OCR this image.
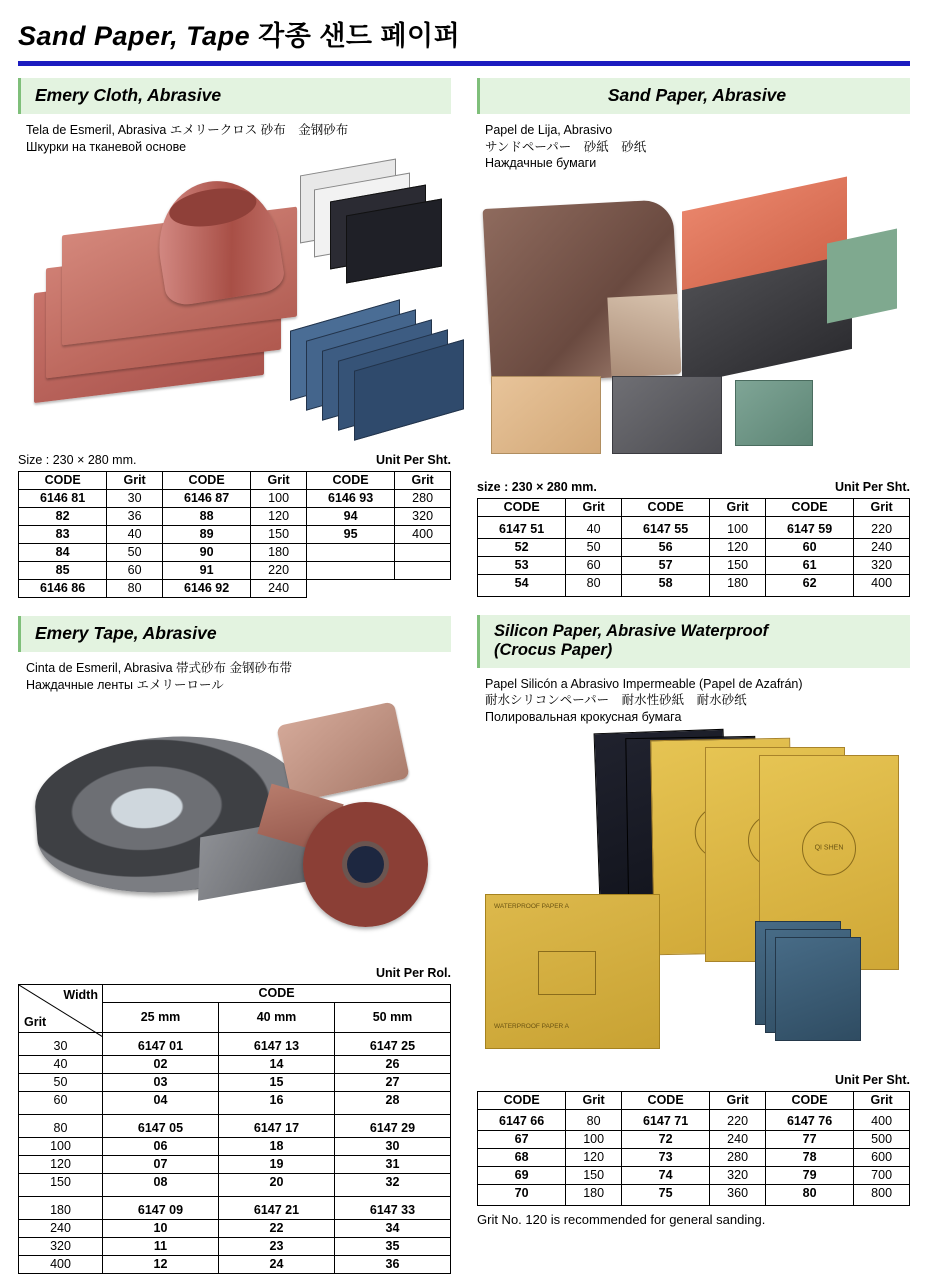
Sand Paper, Tape 각종 샌드 페이퍼
Emery Cloth, Abrasive
Tela de Esmeril, Abrasiva エメリークロス 砂布　金钢砂布
Шкурки на тканевой основе
Size : 230 × 280 mm.	Unit Per Sht.
CODE	Grit	CODE	Grit	CODE	Grit
6146 81	30	6146 87	100	6146 93	280
82	36	88	120	94	320
83	40	89	150	95	400
84	50	90	180		
85	60	91	220		
6146 86	80	6146 92	240		
Emery Tape, Abrasive
Cinta de Esmeril, Abrasiva 帯式砂布 金钢砂布带
Наждачные ленты エメリーロール
Unit Per Rol.
Width
Grit	CODE		
	25 mm	40 mm	50 mm
30	6147 01	6147 13	6147 25
40	02	14	26
50	03	15	27
60	04	16	28
80	6147 05	6147 17	6147 29
100	06	18	30
120	07	19	31
150	08	20	32
180	6147 09	6147 21	6147 33
240	10	22	34
320	11	23	35
400	12	24	36
Sand Paper, Abrasive
Papel de Lija, Abrasivo
サンドペーパー　砂紙　砂纸
Наждачные бумаги
size : 230 × 280 mm.	Unit Per Sht.
CODE	Grit	CODE	Grit	CODE	Grit
6147 51	40	6147 55	100	6147 59	220
52	50	56	120	60	240
53	60	57	150	61	320
54	80	58	180	62	400
Silicon Paper, Abrasive Waterproof
(Crocus Paper)
Papel Silicón a Abrasivo Impermeable (Papel de Azafrán)
耐水シリコンペーパー　耐水性砂紙　耐水砂纸
Полировальная крокусная бумага
QI SHEN
WATERPROOF PAPER A
WATERPROOF PAPER A
Unit Per Sht.
CODE	Grit	CODE	Grit	CODE	Grit
6147 66	80	6147 71	220	6147 76	400
67	100	72	240	77	500
68	120	73	280	78	600
69	150	74	320	79	700
70	180	75	360	80	800
Grit No. 120 is recommended for general sanding.
